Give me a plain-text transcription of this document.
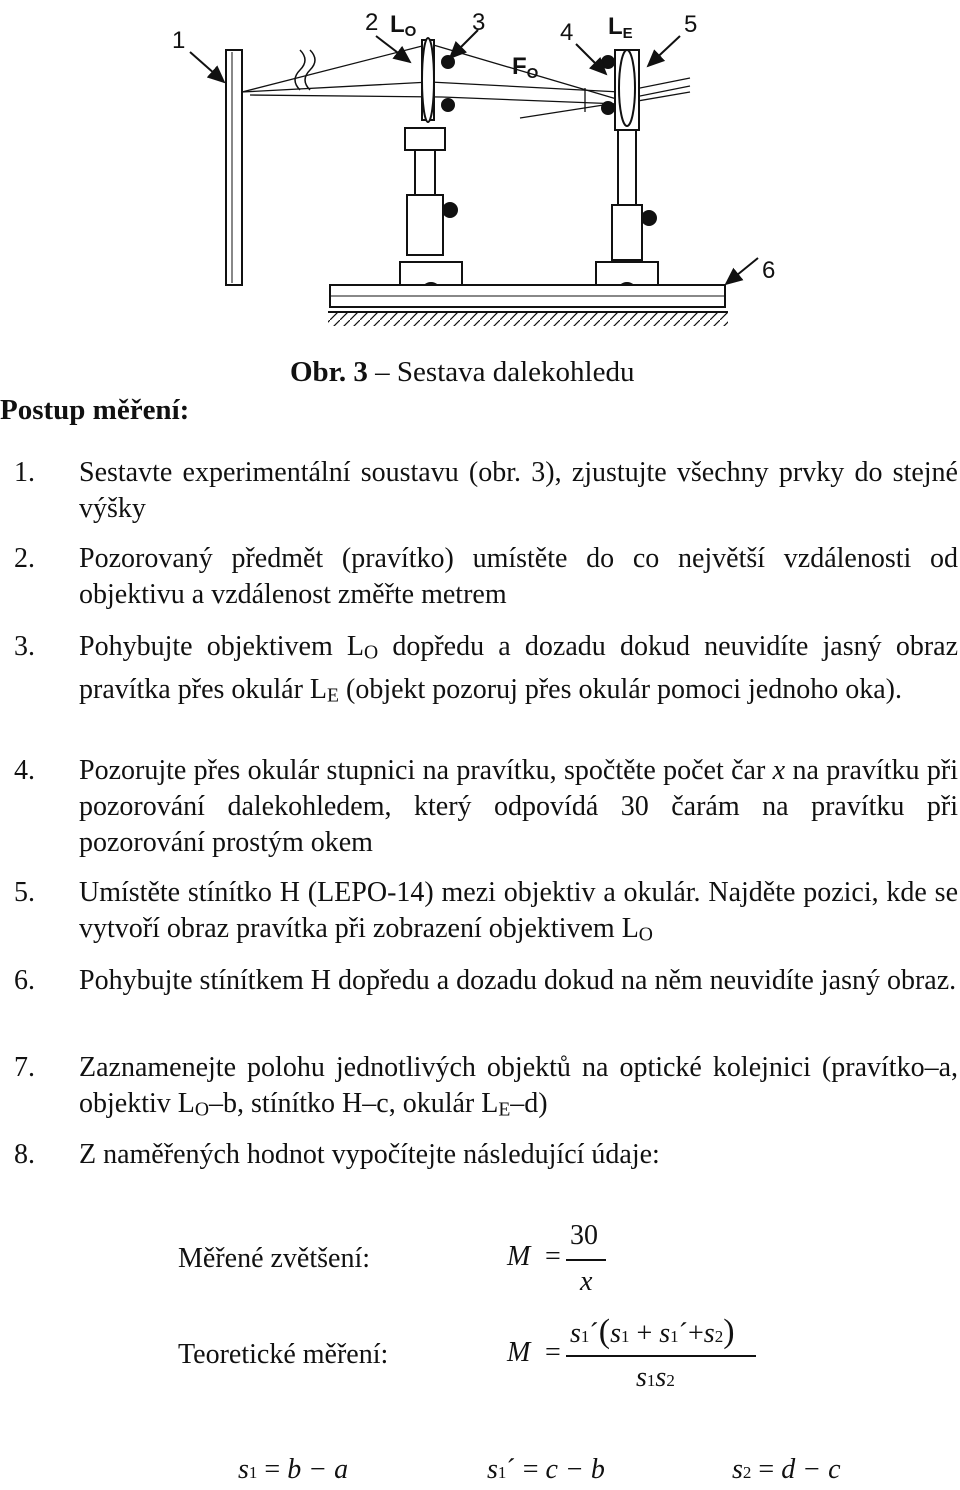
1
2 LO 3
FO
4 LE 5
6
Obr. 3 – Sestava dalekohledu
Postup měření:
1. Sestavte experimentální soustavu (obr. 3), zjustujte všechny prvky do stejné výšky
2. Pozorovaný předmět (pravítko) umístěte do co největší vzdálenosti od objektivu a vzdálenost změřte metrem
3. Pohybujte objektivem LO dopředu a dozadu dokud neuvidíte jasný obraz pravítka přes okulár LE (objekt pozoruj přes okulár pomoci jednoho oka).
4. Pozorujte přes okulár stupnici na pravítku, spočtěte počet čar x na pravítku při pozorování dalekohledem, který odpovídá 30 čarám na pravítku při pozorování prostým okem
5. Umístěte stínítko H (LEPO-14) mezi objektiv a okulár. Najděte pozici, kde se vytvoří obraz pravítka při zobrazení objektivem LO
6. Pohybujte stínítkem H dopředu a dozadu dokud na něm neuvidíte jasný obraz.
7. Zaznamenejte polohu jednotlivých objektů na optické kolejnici (pravítko–a, objektiv LO–b, stínítko H–c, okulár LE–d)
8. Z naměřených hodnot vypočítejte následující údaje:
Měřené zvětšení:	M =
30
x
Teoretické měření:	M =
s1´(s1 + s1´+s2)
s1s2
s1 = b − a	s1´ = c − b	s2 = d − c
